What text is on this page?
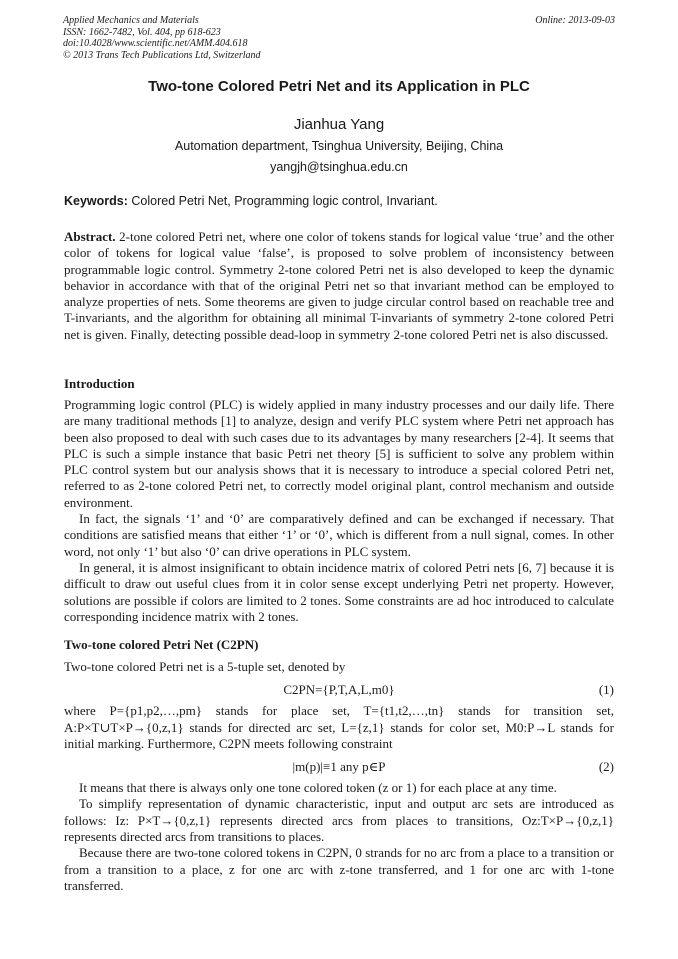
Applied Mechanics and Materials
ISSN: 1662-7482, Vol. 404, pp 618-623
doi:10.4028/www.scientific.net/AMM.404.618
© 2013 Trans Tech Publications Ltd, Switzerland
Online: 2013-09-03
Two-tone Colored Petri Net and its Application in PLC
Jianhua Yang
Automation department, Tsinghua University, Beijing, China
yangjh@tsinghua.edu.cn
Keywords: Colored Petri Net, Programming logic control, Invariant.

Abstract. 2-tone colored Petri net, where one color of tokens stands for logical value ‘true’ and the other color of tokens for logical value ‘false’, is proposed to solve problem of inconsistency between programmable logic control. Symmetry 2-tone colored Petri net is also developed to keep the dynamic behavior in accordance with that of the original Petri net so that invariant method can be employed to analyze properties of nets. Some theorems are given to judge circular control based on reachable tree and T-invariants, and the algorithm for obtaining all minimal T-invariants of symmetry 2-tone colored Petri net is given. Finally, detecting possible dead-loop in symmetry 2-tone colored Petri net is also discussed.

Introduction

Programming logic control (PLC) is widely applied in many industry processes and our daily life. There are many traditional methods [1] to analyze, design and verify PLC system where Petri net approach has been also proposed to deal with such cases due to its advantages by many researchers [2-4]. It seems that PLC is such a simple instance that basic Petri net theory [5] is sufficient to solve any problem within PLC control system but our analysis shows that it is necessary to introduce a special colored Petri net, referred to as 2-tone colored Petri net, to correctly model original plant, control mechanism and outside environment.

In fact, the signals ‘1’ and ‘0’ are comparatively defined and can be exchanged if necessary. That conditions are satisfied means that either ‘1’ or ‘0’, which is different from a null signal, comes. In other word, not only ‘1’ but also ‘0’ can drive operations in PLC system.

In general, it is almost insignificant to obtain incidence matrix of colored Petri nets [6, 7] because it is difficult to draw out useful clues from it in color sense except underlying Petri net property. However, solutions are possible if colors are limited to 2 tones. Some constraints are ad hoc introduced to calculate corresponding incidence matrix with 2 tones.

Two-tone colored Petri Net (C2PN)

Two-tone colored Petri net is a 5-tuple set, denoted by

C2PN={P,T,A,L,m0}	(1)

where P={p1,p2,…,pm} stands for place set, T={t1,t2,…,tn} stands for transition set, A:P×T∪T×P→{0,z,1} stands for directed arc set, L={z,1} stands for color set, M0:P→L stands for initial marking. Furthermore, C2PN meets following constraint

|m(p)|≡1 any p∈P	(2)

It means that there is always only one tone colored token (z or 1) for each place at any time.

To simplify representation of dynamic characteristic, input and output arc sets are introduced as follows: Iz: P×T→{0,z,1} represents directed arcs from places to transitions, Oz:T×P→{0,z,1} represents directed arcs from transitions to places.

Because there are two-tone colored tokens in C2PN, 0 strands for no arc from a place to a transition or from a transition to a place, z for one arc with z-tone transferred, and 1 for one arc with 1-tone transferred.
